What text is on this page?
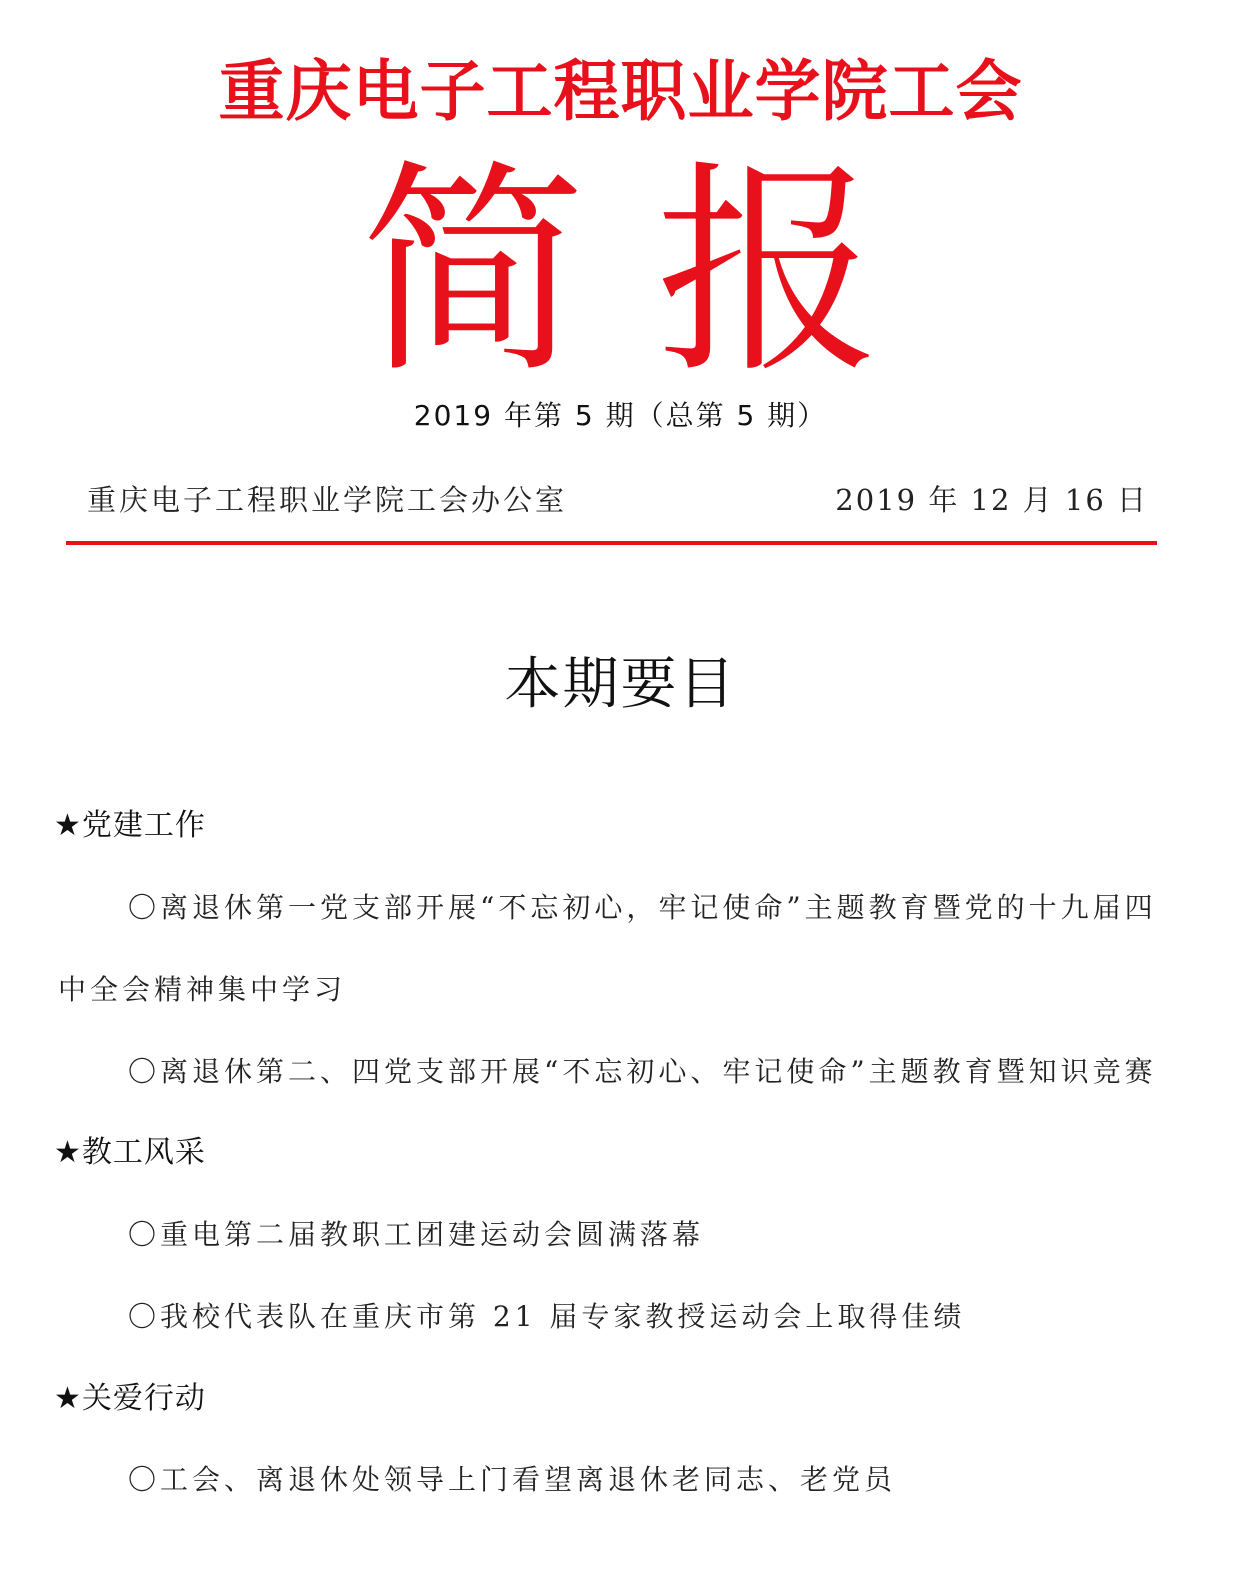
重庆电子工程职业学院工会
简报
2019 年第 5 期（总第 5 期）
重庆电子工程职业学院工会办公室	2019 年 12 月 16 日
本期要目
★党建工作
〇离退休第一党支部开展“不忘初心，牢记使命”主题教育暨党的十九届四
中全会精神集中学习
〇离退休第二、四党支部开展“不忘初心、牢记使命”主题教育暨知识竞赛
★教工风采
〇重电第二届教职工团建运动会圆满落幕
〇我校代表队在重庆市第 21 届专家教授运动会上取得佳绩
★关爱行动
〇工会、离退休处领导上门看望离退休老同志、老党员
